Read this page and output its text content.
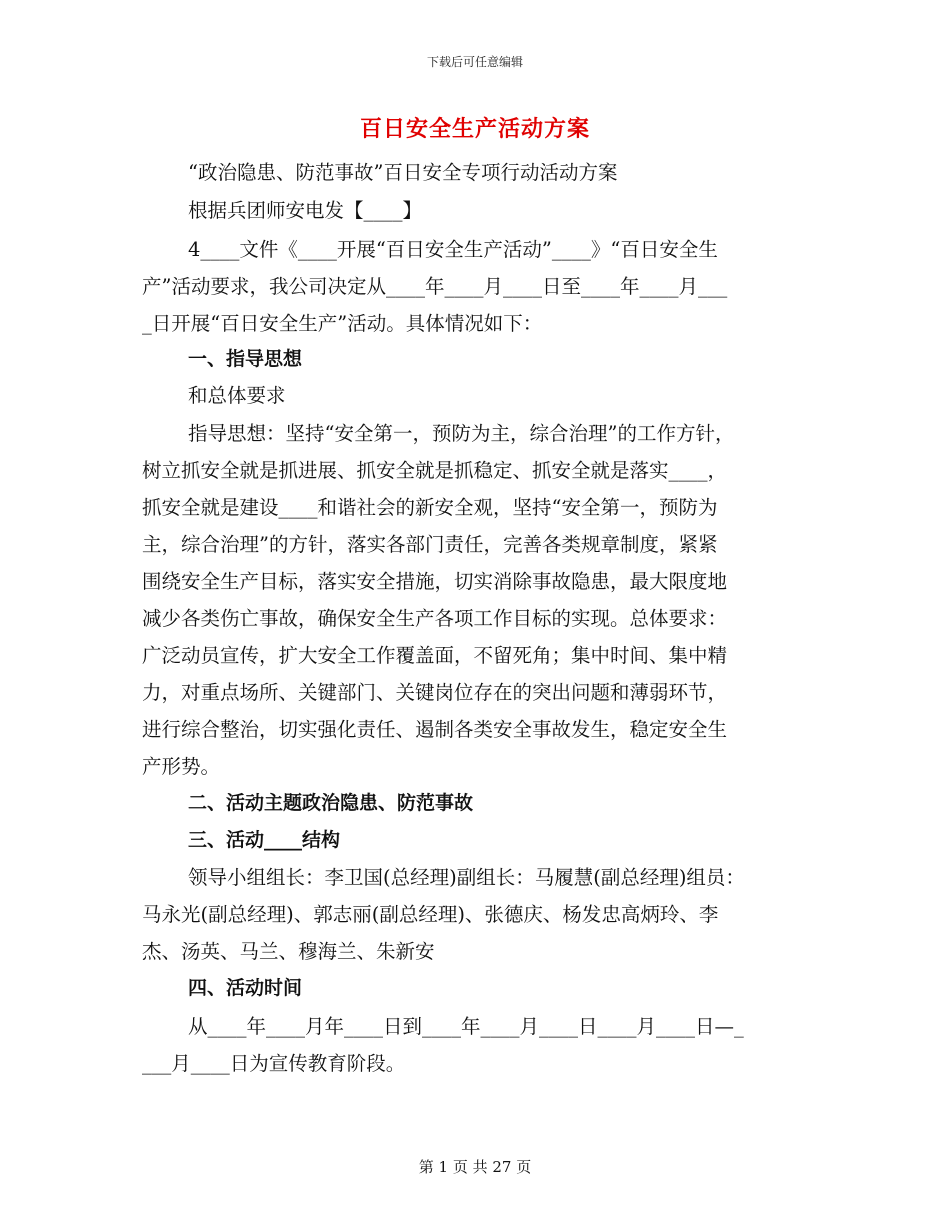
下载后可任意编辑
百日安全生产活动方案
“政治隐患、防范事故”百日安全专项行动活动方案
根据兵团师安电发【____】
4____文件《____开展“百日安全生产活动”____》“百日安全生
产”活动要求，我公司决定从____年____月____日至____年____月___
_日开展“百日安全生产”活动。具体情况如下：
一、指导思想
和总体要求
指导思想：坚持“安全第一，预防为主，综合治理”的工作方针，
树立抓安全就是抓进展、抓安全就是抓稳定、抓安全就是落实____，
抓安全就是建设____和谐社会的新安全观，坚持“安全第一，预防为
主，综合治理”的方针，落实各部门责任，完善各类规章制度，紧紧
围绕安全生产目标，落实安全措施，切实消除事故隐患，最大限度地
减少各类伤亡事故，确保安全生产各项工作目标的实现。总体要求：
广泛动员宣传，扩大安全工作覆盖面，不留死角；集中时间、集中精
力，对重点场所、关键部门、关键岗位存在的突出问题和薄弱环节，
进行综合整治，切实强化责任、遏制各类安全事故发生，稳定安全生
产形势。
二、活动主题政治隐患、防范事故
三、活动____结构
领导小组组长：李卫国(总经理)副组长：马履慧(副总经理)组员：
马永光(副总经理)、郭志丽(副总经理)、张德庆、杨发忠高炳玲、李
杰、汤英、马兰、穆海兰、朱新安
四、活动时间
从____年____月年____日到____年____月____日____月____日—_
___月____日为宣传教育阶段。
第 1 页 共 27 页
